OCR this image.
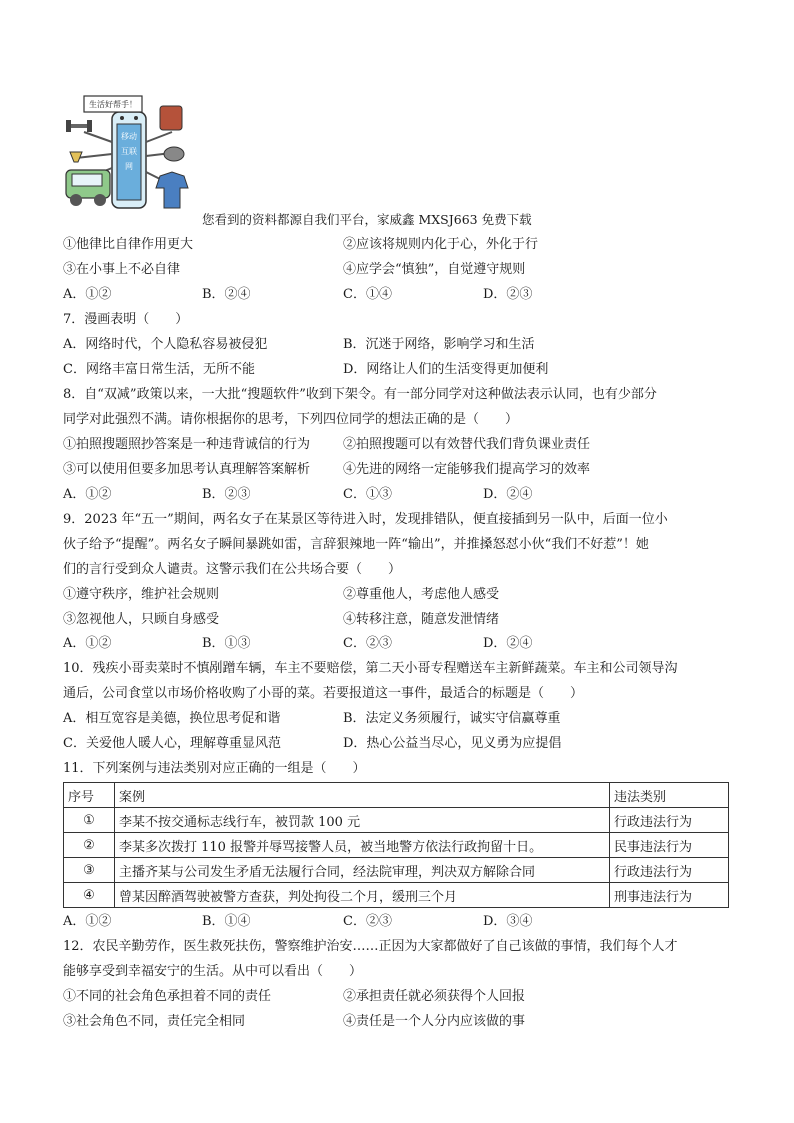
移动
互联
网
生活好帮手！
您看到的资料都源自我们平台，家威鑫 MXSJ663 免费下载
①他律比自律作用更大	②应该将规则内化于心，外化于行
③在小事上不必自律	④应学会“慎独”，自觉遵守规则
A．①②	B．②④	C．①④	D．②③
7．漫画表明（　　）
A．网络时代，个人隐私容易被侵犯	B．沉迷于网络，影响学习和生活
C．网络丰富日常生活，无所不能	D．网络让人们的生活变得更加便利
8．自“双减”政策以来，一大批“搜题软件”收到下架令。有一部分同学对这种做法表示认同，也有少部分
同学对此强烈不满。请你根据你的思考，下列四位同学的想法正确的是（　　）
①拍照搜题照抄答案是一种违背诚信的行为	②拍照搜题可以有效替代我们背负课业责任
③可以使用但要多加思考认真理解答案解析	④先进的网络一定能够我们提高学习的效率
A．①②	B．②③	C．①③	D．②④
9．2023 年“五一”期间，两名女子在某景区等待进入时，发现排错队，便直接插到另一队中，后面一位小
伙子给予“提醒”。两名女子瞬间暴跳如雷，言辞狠辣地一阵“输出”，并推搡怒怼小伙“我们不好惹”！她
们的言行受到众人谴责。这警示我们在公共场合要（　　）
①遵守秩序，维护社会规则	②尊重他人，考虑他人感受
③忽视他人，只顾自身感受	④转移注意，随意发泄情绪
A．①②	B．①③	C．②③	D．②④
10．残疾小哥卖菜时不慎剐蹭车辆，车主不要赔偿，第二天小哥专程赠送车主新鲜蔬菜。车主和公司领导沟
通后，公司食堂以市场价格收购了小哥的菜。若要报道这一事件，最适合的标题是（　　）
A．相互宽容是美德，换位思考促和谐	B．法定义务须履行，诚实守信赢尊重
C．关爱他人暖人心，理解尊重显风范	D．热心公益当尽心，见义勇为应提倡
11．下列案例与违法类别对应正确的一组是（　　）
序号	案例	违法类别
①	李某不按交通标志线行车，被罚款 100 元	行政违法行为
②	李某多次拨打 110 报警并辱骂接警人员，被当地警方依法行政拘留十日。	民事违法行为
③	主播齐某与公司发生矛盾无法履行合同，经法院审理，判决双方解除合同	行政违法行为
④	曾某因醉酒驾驶被警方查获，判处拘役二个月，缓刑三个月	刑事违法行为
A．①②	B．①④	C．②③	D．③④
12．农民辛勤劳作，医生救死扶伤，警察维护治安……正因为大家都做好了自己该做的事情，我们每个人才
能够享受到幸福安宁的生活。从中可以看出（　　）
①不同的社会角色承担着不同的责任	②承担责任就必须获得个人回报
③社会角色不同，责任完全相同	④责任是一个人分内应该做的事
